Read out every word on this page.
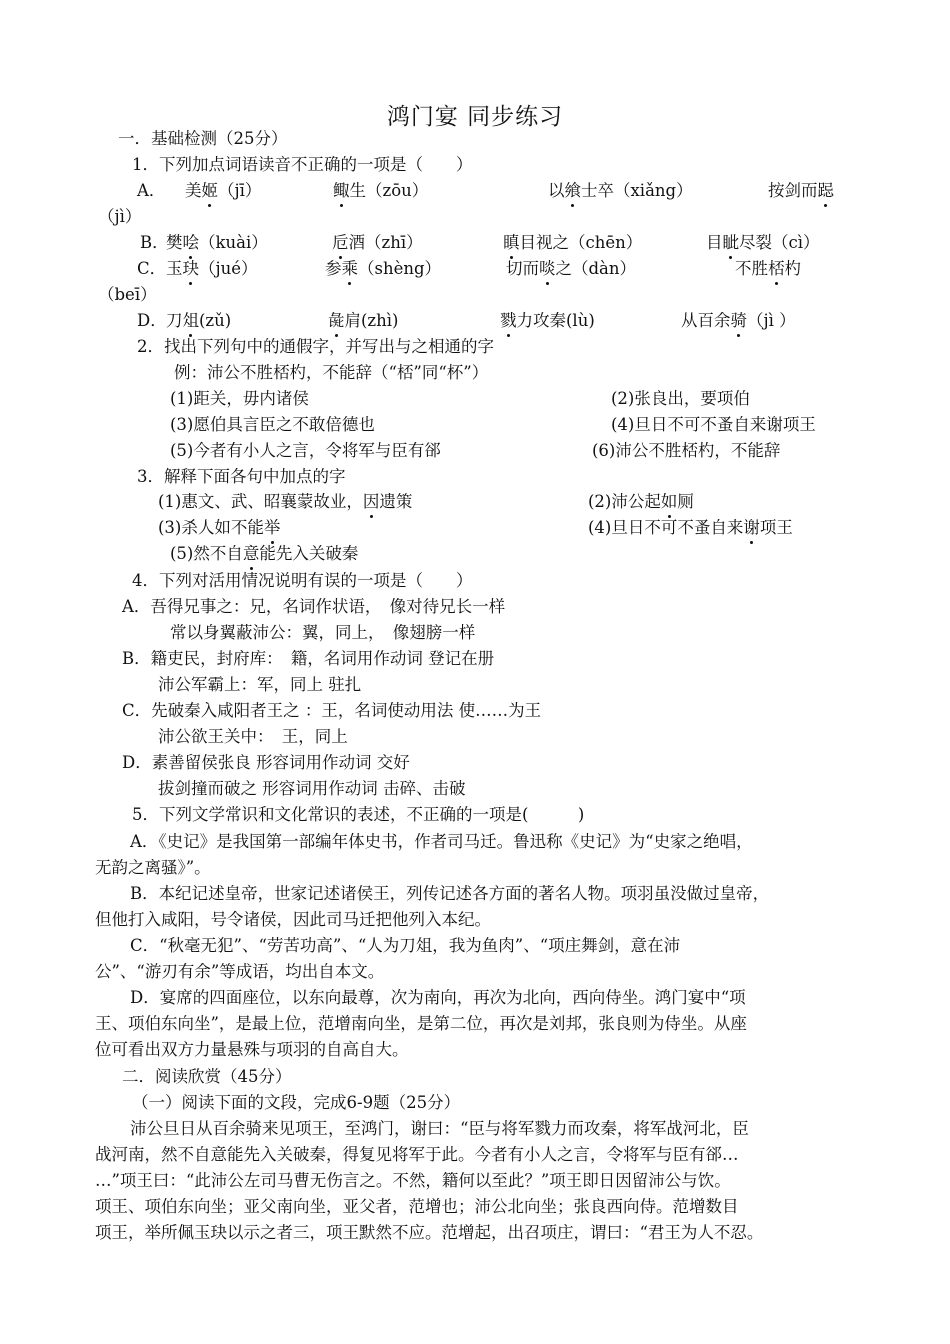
鸿门宴 同步练习
一．基础检测（25分）
1．下列加点词语读音不正确的一项是（　　）
A． 美姬（jī）	鲰生（zōu）	以飨士卒（xiǎng）	按剑而跽
（jì）
B．
樊哙（kuài）	卮酒（zhī）	瞋目视之（chēn）	目眦尽裂（cì）
C． 玉玦（jué）	参乘（shèng）	切而啖之（dàn）	不胜桮杓
（beī）
D． 刀俎(zǔ)	彘肩(zhì)	戮力攻秦(lù)	从百余骑（jì ）
2．找出下列句中的通假字，并写出与之相通的字
例：沛公不胜桮杓，不能辞（“桮”同“杯”）
(1)距关，毋内诸侯	(2)张良出，要项伯
(3)愿伯具言臣之不敢倍德也	(4)旦日不可不蚤自来谢项王
(5)今者有小人之言，令将军与臣有郤	(6)沛公不胜桮杓，不能辞
3．解释下面各句中加点的字
(1)惠文、武、昭襄蒙故业，因遗策	(2)沛公起如厕
(3)杀人如不能举	(4)旦日不可不蚤自来谢项王
(5)然不自意能先入关破秦
4．下列对活用情况说明有误的一项是（　　）
A．吾得兄事之：兄，名词作状语，　像对待兄长一样
常以身翼蔽沛公：翼，同上，　像翅膀一样
B．籍吏民，封府库：　籍，名词用作动词 登记在册
沛公军霸上：军，同上 驻扎
C．先破秦入咸阳者王之 ：王，名词使动用法 使……为王
沛公欲王关中：　王，同上
D．素善留侯张良 形容词用作动词 交好
拔剑撞而破之 形容词用作动词 击碎、击破
5．下列文学常识和文化常识的表述，不正确的一项是(　　　)
A．《史记》是我国第一部编年体史书，作者司马迁。鲁迅称《史记》为“史家之绝唱，
无韵之离骚》”。
B．本纪记述皇帝，世家记述诸侯王，列传记述各方面的著名人物。项羽虽没做过皇帝，
但他打入咸阳，号令诸侯，因此司马迁把他列入本纪。
C．“秋毫无犯”、“劳苦功高”、“人为刀俎，我为鱼肉”、“项庄舞剑，意在沛
公”、“游刃有余”等成语，均出自本文。
D．宴席的四面座位，以东向最尊，次为南向，再次为北向，西向侍坐。鸿门宴中“项
王、项伯东向坐”，是最上位，范增南向坐，是第二位，再次是刘邦，张良则为侍坐。从座
位可看出双方力量悬殊与项羽的自高自大。
二．阅读欣赏（45分）
（一）阅读下面的文段，完成6-9题（25分）
沛公旦日从百余骑来见项王，至鸿门，谢曰：“臣与将军戮力而攻秦，将军战河北，臣
战河南，然不自意能先入关破秦，得复见将军于此。今者有小人之言，令将军与臣有郤…
…”项王曰：“此沛公左司马曹无伤言之。不然，籍何以至此？”项王即日因留沛公与饮。
项王、项伯东向坐；亚父南向坐，亚父者，范增也；沛公北向坐；张良西向侍。范增数目
项王，举所佩玉玦以示之者三，项王默然不应。范增起，出召项庄，谓曰：“君王为人不忍。
